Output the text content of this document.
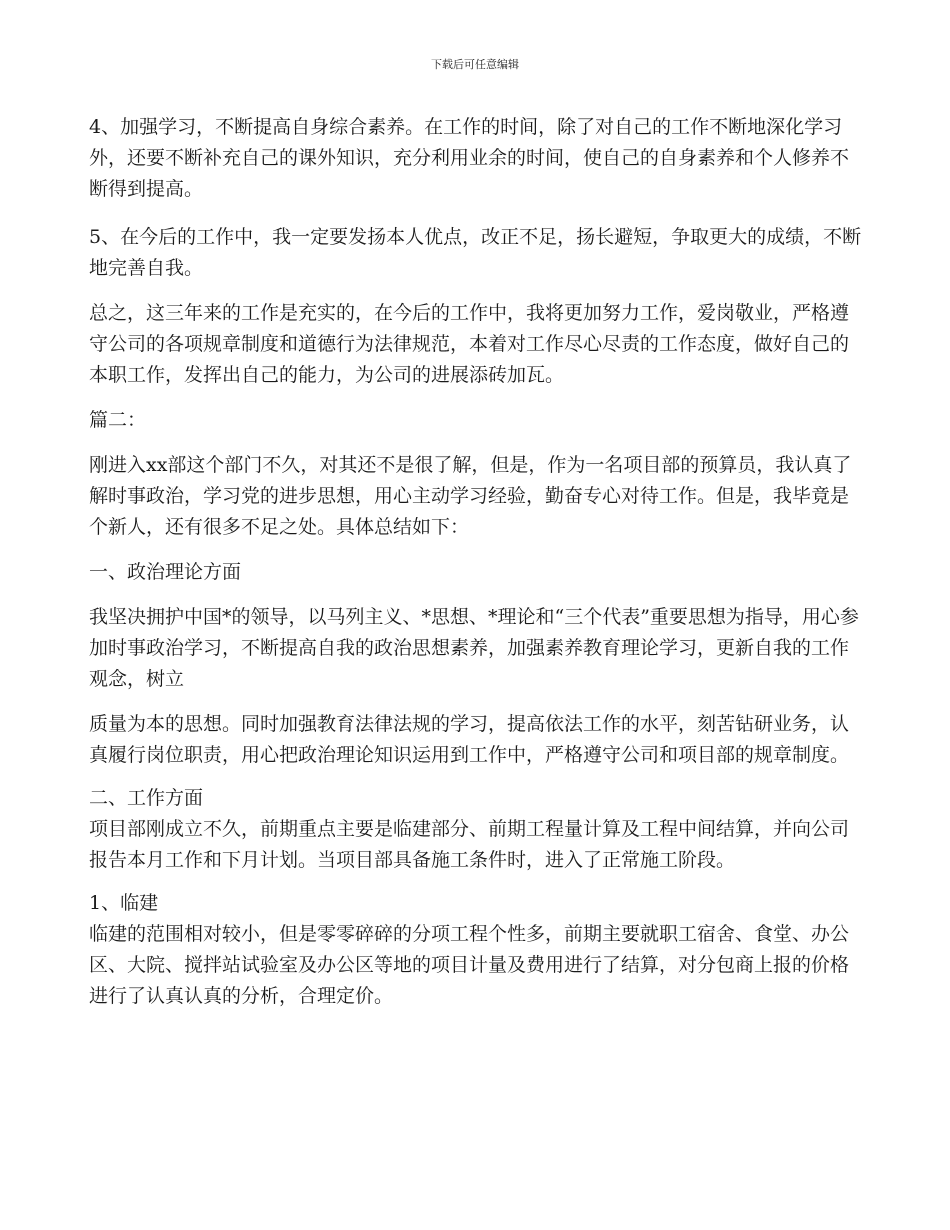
下载后可任意编辑

4、加强学习，不断提高自身综合素养。在工作的时间，除了对自己的工作不断地深化学习外，还要不断补充自己的课外知识，充分利用业余的时间，使自己的自身素养和个人修养不断得到提高。

5、在今后的工作中，我一定要发扬本人优点，改正不足，扬长避短，争取更大的成绩，不断地完善自我。

总之，这三年来的工作是充实的，在今后的工作中，我将更加努力工作，爱岗敬业，严格遵守公司的各项规章制度和道德行为法律规范，本着对工作尽心尽责的工作态度，做好自己的本职工作，发挥出自己的能力，为公司的进展添砖加瓦。

篇二：

刚进入xx部这个部门不久，对其还不是很了解，但是，作为一名项目部的预算员，我认真了解时事政治，学习党的进步思想，用心主动学习经验，勤奋专心对待工作。但是，我毕竟是个新人，还有很多不足之处。具体总结如下：

一、政治理论方面

我坚决拥护中国*的领导，以马列主义、*思想、*理论和“三个代表”重要思想为指导，用心参加时事政治学习，不断提高自我的政治思想素养，加强素养教育理论学习，更新自我的工作观念，树立

质量为本的思想。同时加强教育法律法规的学习，提高依法工作的水平，刻苦钻研业务，认真履行岗位职责，用心把政治理论知识运用到工作中，严格遵守公司和项目部的规章制度。

二、工作方面

项目部刚成立不久，前期重点主要是临建部分、前期工程量计算及工程中间结算，并向公司报告本月工作和下月计划。当项目部具备施工条件时，进入了正常施工阶段。

1、临建

临建的范围相对较小，但是零零碎碎的分项工程个性多，前期主要就职工宿舍、食堂、办公区、大院、搅拌站试验室及办公区等地的项目计量及费用进行了结算，对分包商上报的价格进行了认真认真的分析，合理定价。
